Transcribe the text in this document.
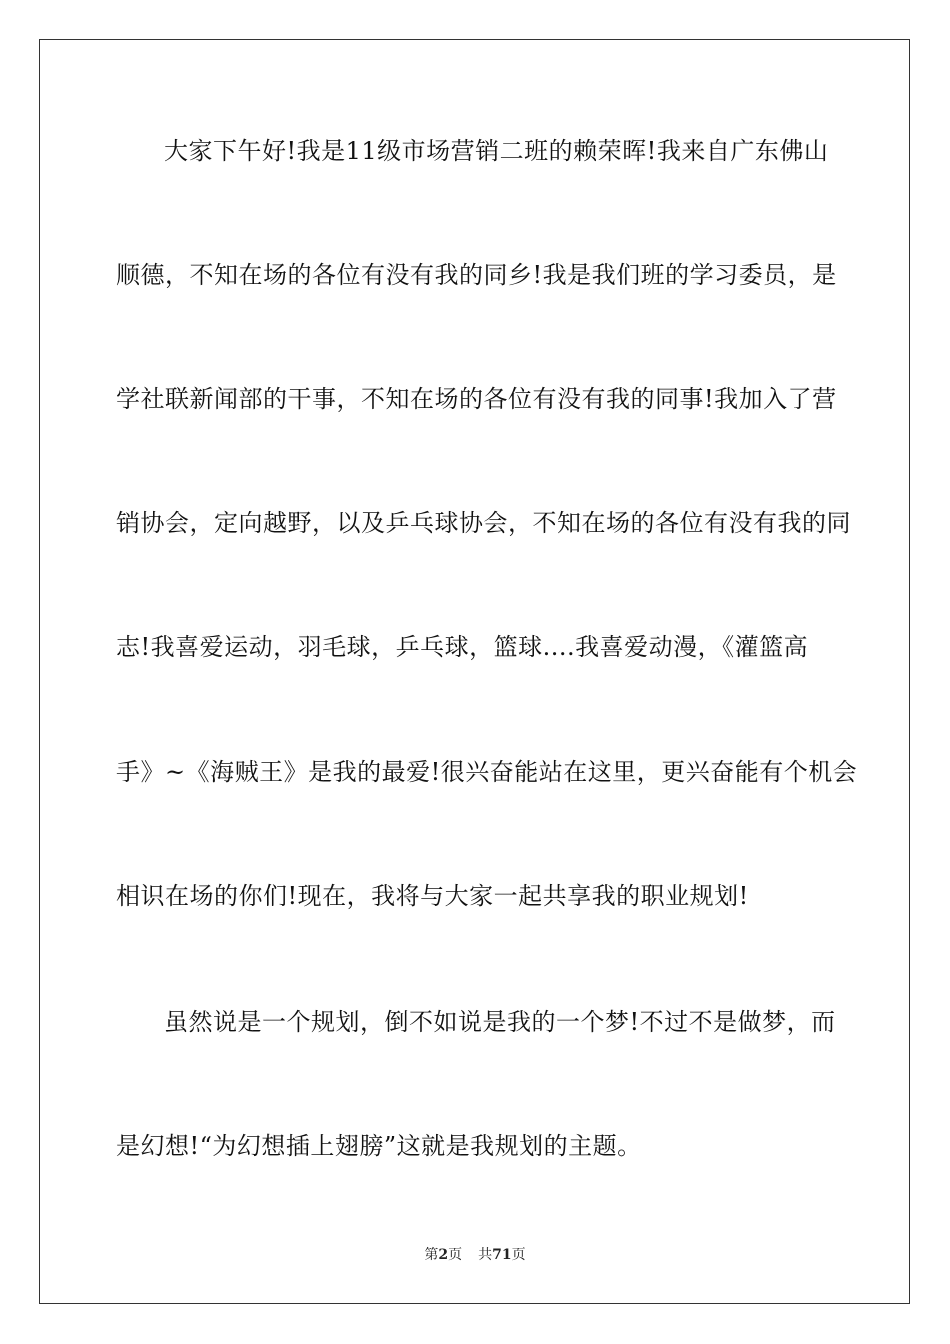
大家下午好!我是11级市场营销二班的赖荣晖!我来自广东佛山
顺德，不知在场的各位有没有我的同乡!我是我们班的学习委员，是
学社联新闻部的干事，不知在场的各位有没有我的同事!我加入了营
销协会，定向越野，以及乒乓球协会，不知在场的各位有没有我的同
志!我喜爱运动，羽毛球，乒乓球，篮球....我喜爱动漫，《灌篮高
手》~《海贼王》是我的最爱!很兴奋能站在这里，更兴奋能有个机会
相识在场的你们!现在，我将与大家一起共享我的职业规划!
虽然说是一个规划，倒不如说是我的一个梦!不过不是做梦，而
是幻想!“为幻想插上翅膀”这就是我规划的主题。
第2页 共71页
